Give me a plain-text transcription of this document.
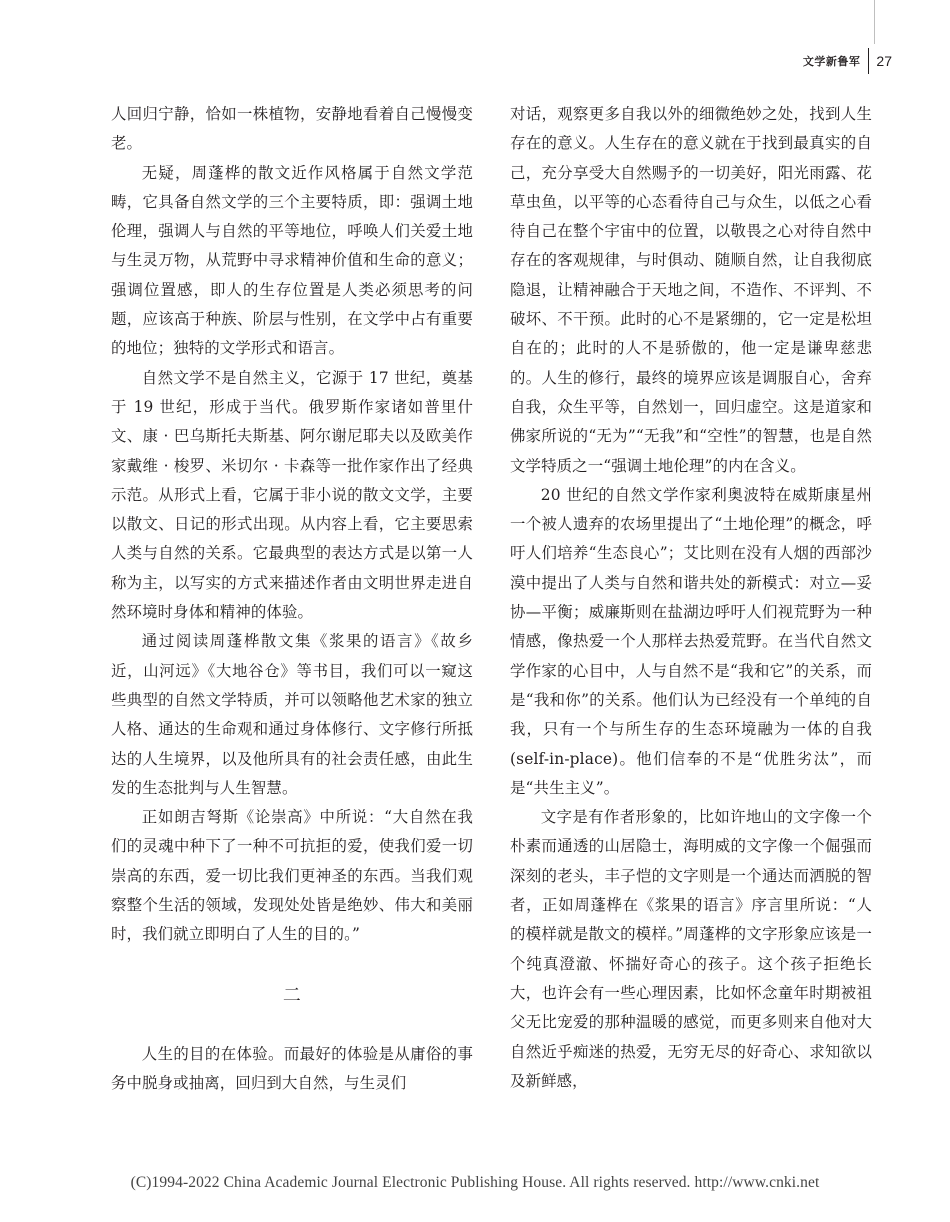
文学新鲁军	27

人回归宁静，恰如一株植物，安静地看着自己慢慢变老。

无疑，周蓬桦的散文近作风格属于自然文学范畴，它具备自然文学的三个主要特质，即：强调土地伦理，强调人与自然的平等地位，呼唤人们关爱土地与生灵万物，从荒野中寻求精神价值和生命的意义；强调位置感，即人的生存位置是人类必须思考的问题，应该高于种族、阶层与性别，在文学中占有重要的地位；独特的文学形式和语言。

自然文学不是自然主义，它源于 17 世纪，奠基于 19 世纪，形成于当代。俄罗斯作家诸如普里什文、康 · 巴乌斯托夫斯基、阿尔谢尼耶夫以及欧美作家戴维 · 梭罗、米切尔 · 卡森等一批作家作出了经典示范。从形式上看，它属于非小说的散文文学，主要以散文、日记的形式出现。从内容上看，它主要思索人类与自然的关系。它最典型的表达方式是以第一人称为主，以写实的方式来描述作者由文明世界走进自然环境时身体和精神的体验。

通过阅读周蓬桦散文集《浆果的语言》《故乡近，山河远》《大地谷仓》等书目，我们可以一窥这些典型的自然文学特质，并可以领略他艺术家的独立人格、通达的生命观和通过身体修行、文字修行所抵达的人生境界，以及他所具有的社会责任感，由此生发的生态批判与人生智慧。

正如朗吉弩斯《论崇高》中所说：“大自然在我们的灵魂中种下了一种不可抗拒的爱，使我们爱一切崇高的东西，爱一切比我们更神圣的东西。当我们观察整个生活的领域，发现处处皆是绝妙、伟大和美丽时，我们就立即明白了人生的目的。”

二

人生的目的在体验。而最好的体验是从庸俗的事务中脱身或抽离，回归到大自然，与生灵们

对话，观察更多自我以外的细微绝妙之处，找到人生存在的意义。人生存在的意义就在于找到最真实的自己，充分享受大自然赐予的一切美好，阳光雨露、花草虫鱼，以平等的心态看待自己与众生，以低之心看待自己在整个宇宙中的位置，以敬畏之心对待自然中存在的客观规律，与时俱动、随顺自然，让自我彻底隐退，让精神融合于天地之间，不造作、不评判、不破坏、不干预。此时的心不是紧绷的，它一定是松坦自在的；此时的人不是骄傲的，他一定是谦卑慈悲的。人生的修行，最终的境界应该是调服自心，舍弃自我，众生平等，自然划一，回归虚空。这是道家和佛家所说的“无为”“无我”和“空性”的智慧，也是自然文学特质之一“强调土地伦理”的内在含义。

20 世纪的自然文学作家利奥波特在威斯康星州一个被人遗弃的农场里提出了“土地伦理”的概念，呼吁人们培养“生态良心”；艾比则在没有人烟的西部沙漠中提出了人类与自然和谐共处的新模式：对立—妥协—平衡；威廉斯则在盐湖边呼吁人们视荒野为一种情感，像热爱一个人那样去热爱荒野。在当代自然文学作家的心目中，人与自然不是“我和它”的关系，而是“我和你”的关系。他们认为已经没有一个单纯的自我，只有一个与所生存的生态环境融为一体的自我(self-in-place)。他们信奉的不是“优胜劣汰”，而是“共生主义”。

文字是有作者形象的，比如许地山的文字像一个朴素而通透的山居隐士，海明威的文字像一个倔强而深刻的老头，丰子恺的文字则是一个通达而洒脱的智者，正如周蓬桦在《浆果的语言》序言里所说：“人的模样就是散文的模样。”周蓬桦的文字形象应该是一个纯真澄澈、怀揣好奇心的孩子。这个孩子拒绝长大，也许会有一些心理因素，比如怀念童年时期被祖父无比宠爱的那种温暖的感觉，而更多则来自他对大自然近乎痴迷的热爱，无穷无尽的好奇心、求知欲以及新鲜感，

(C)1994-2022 China Academic Journal Electronic Publishing House. All rights reserved. http://www.cnki.net
